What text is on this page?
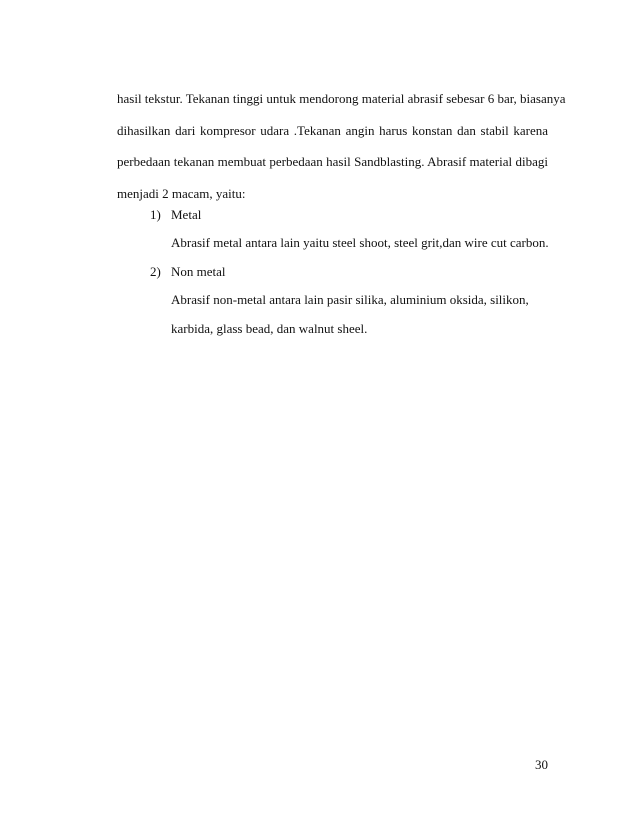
hasil tekstur. Tekanan tinggi untuk mendorong material abrasif sebesar 6 bar, biasanya
dihasilkan dari kompresor udara .Tekanan angin harus konstan dan stabil karena
perbedaan tekanan membuat perbedaan hasil Sandblasting. Abrasif material dibagi
menjadi 2 macam, yaitu:
1) Metal
Abrasif metal antara lain yaitu steel shoot, steel grit,dan wire cut carbon.
2) Non metal
Abrasif non-metal antara lain pasir silika, aluminium oksida, silikon,
karbida, glass bead, dan walnut sheel.
30
